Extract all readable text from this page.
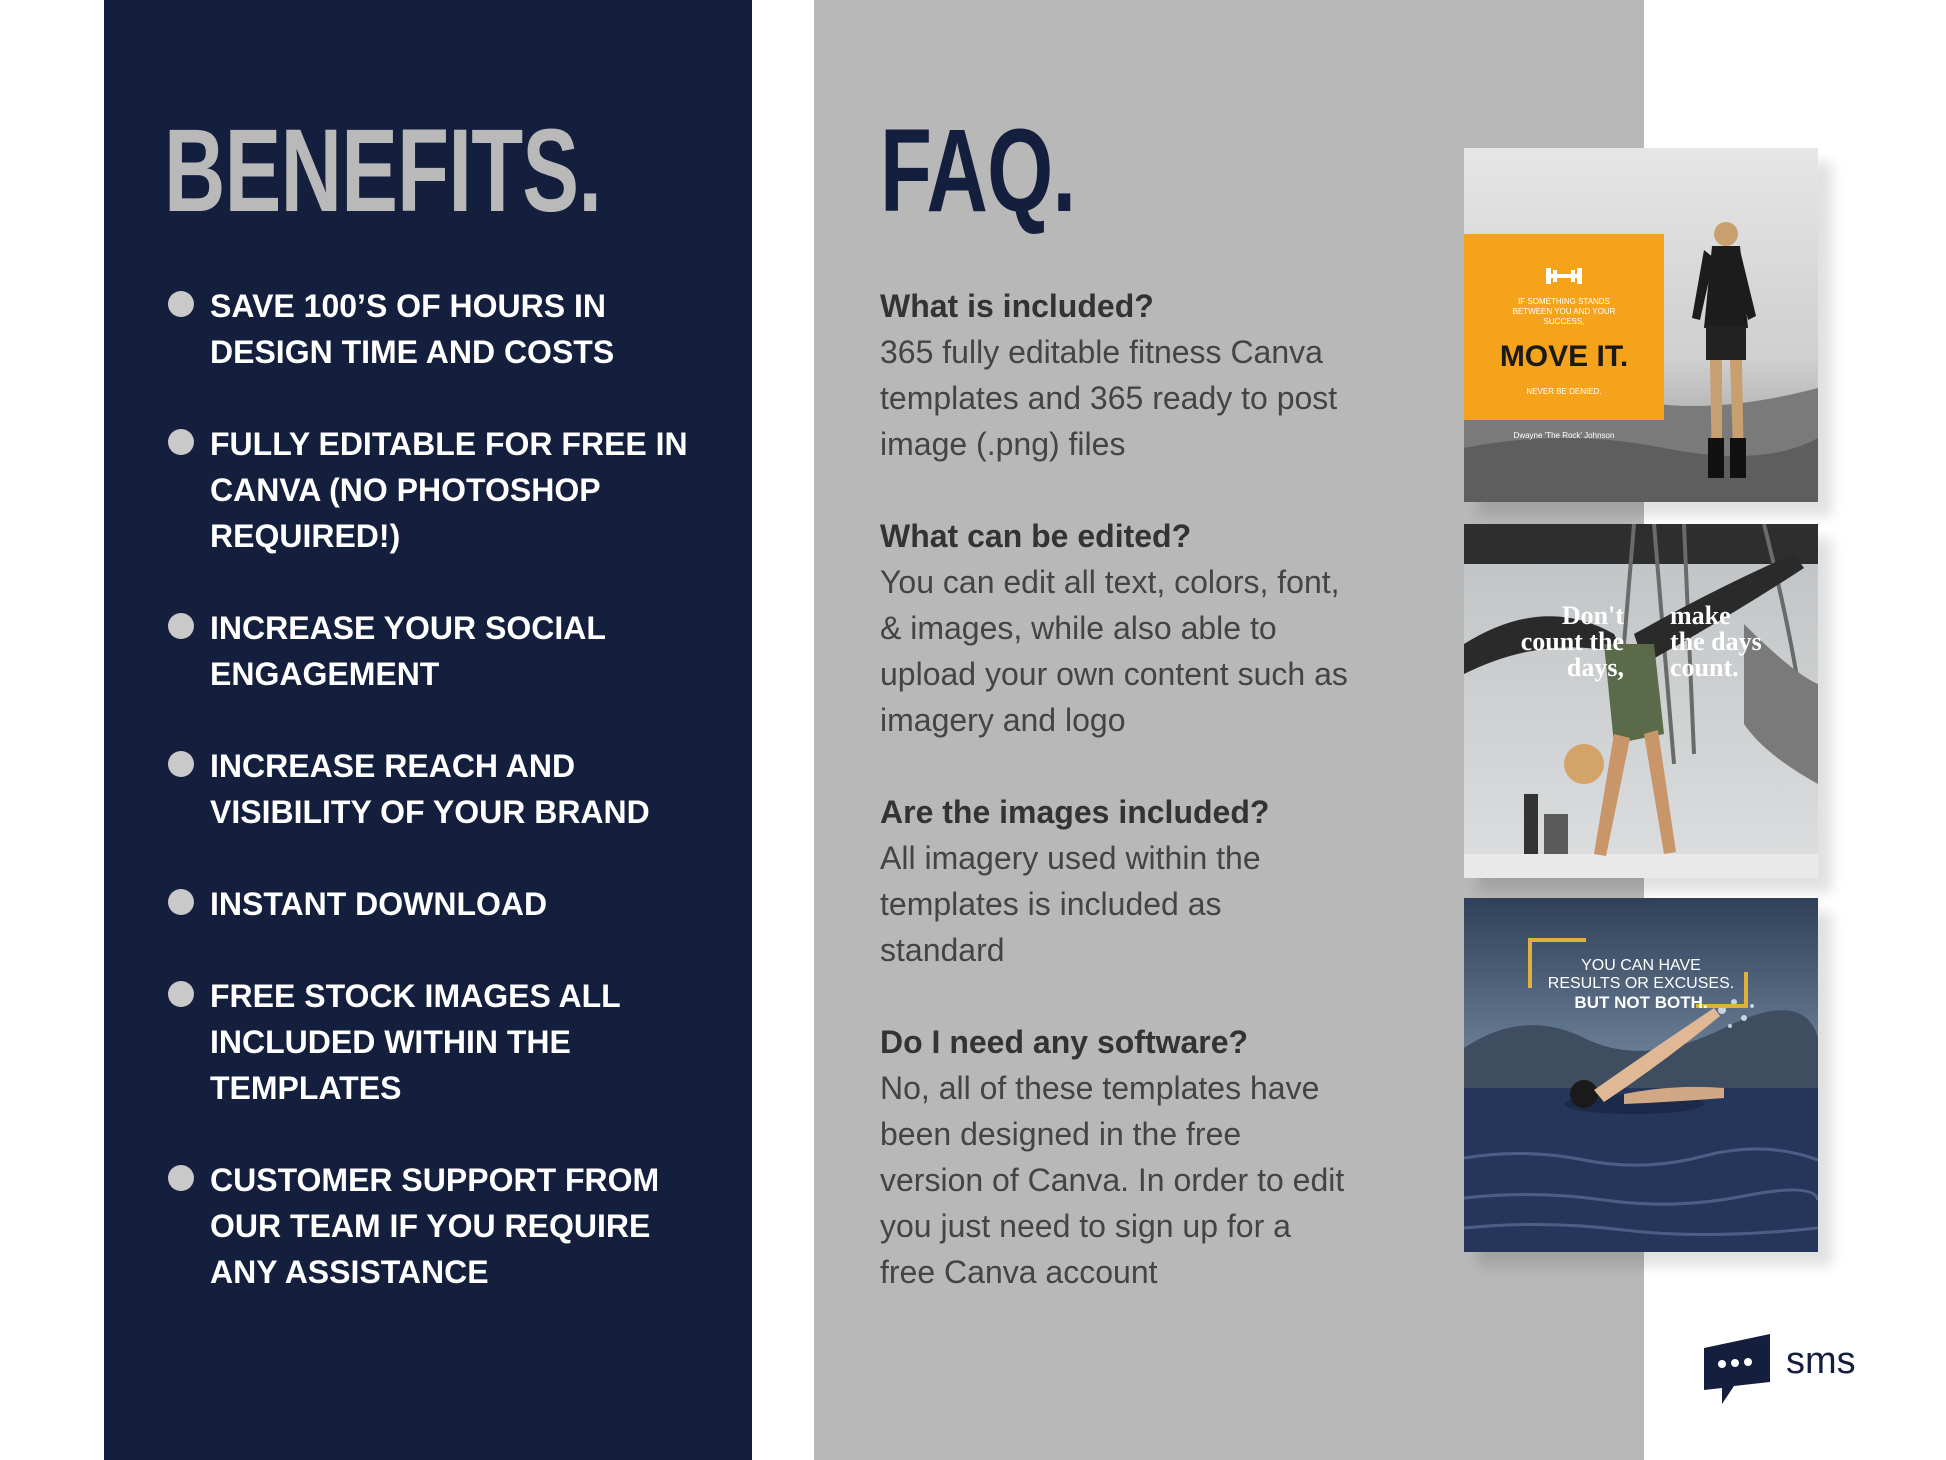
BENEFITS.
SAVE 100’S OF HOURS IN
DESIGN TIME AND COSTS
FULLY EDITABLE FOR FREE IN
CANVA (NO PHOTOSHOP
REQUIRED!)
INCREASE YOUR SOCIAL
ENGAGEMENT
INCREASE REACH AND
VISIBILITY OF YOUR BRAND
INSTANT DOWNLOAD
FREE STOCK IMAGES ALL
INCLUDED WITHIN THE
TEMPLATES
CUSTOMER SUPPORT FROM
OUR TEAM IF YOU REQUIRE
ANY ASSISTANCE
FAQ.
What is included?
365 fully editable fitness Canva
templates and 365 ready to post
image (.png) files
What can be edited?
You can edit all text, colors, font,
& images, while also able to
upload your own content such as
imagery and logo
Are the images included?
All imagery used within the
templates is included as
standard
Do I need any software?
No, all of these templates have
been designed in the free
version of Canva. In order to edit
you just need to sign up for a
free Canva account
IF SOMETHING STANDS
BETWEEN YOU AND YOUR
SUCCESS,
MOVE IT.
NEVER BE DENIED.
Dwayne 'The Rock' Johnson
Don't
count the
days,
make
the days
count.
YOU CAN HAVE
RESULTS OR EXCUSES.
BUT NOT BOTH.
sms
